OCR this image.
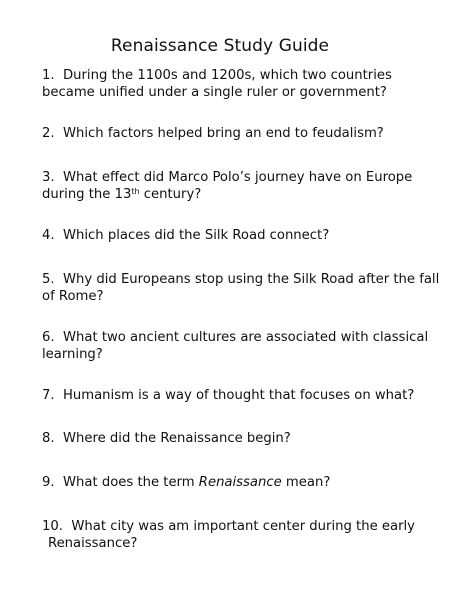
Renaissance Study Guide
1. During the 1100s and 1200s, which two countries
became unified under a single ruler or government?
2. Which factors helped bring an end to feudalism?
3. What effect did Marco Polo’s journey have on Europe
during the 13th century?
4. Which places did the Silk Road connect?
5. Why did Europeans stop using the Silk Road after the fall
of Rome?
6. What two ancient cultures are associated with classical
learning?
7. Humanism is a way of thought that focuses on what?
8. Where did the Renaissance begin?
9. What does the term Renaissance mean?
10. What city was am important center during the early
Renaissance?
